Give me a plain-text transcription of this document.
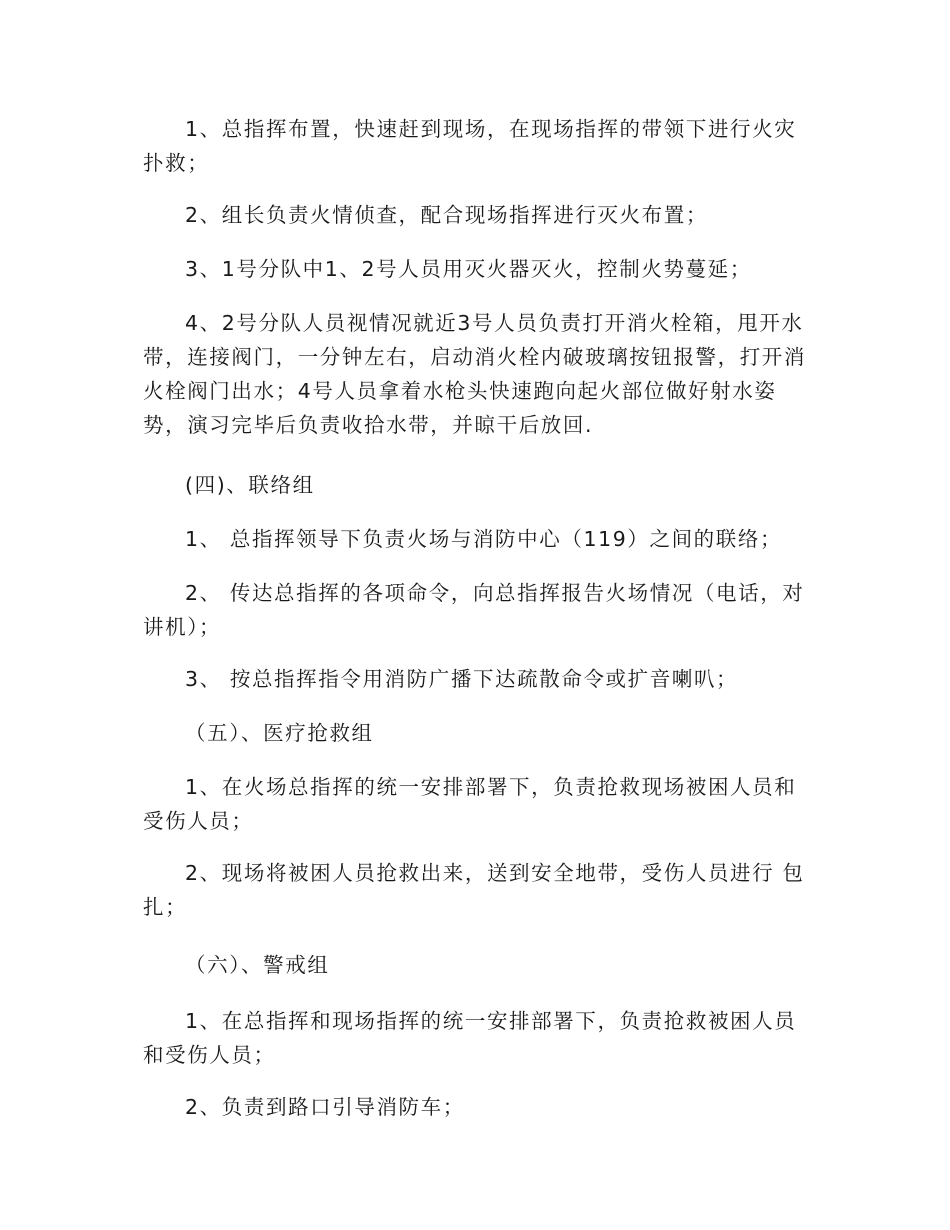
1、总指挥布置，快速赶到现场，在现场指挥的带领下进行火灾扑救；

2、组长负责火情侦查，配合现场指挥进行灭火布置；

3、1号分队中1、2号人员用灭火器灭火，控制火势蔓延；

4、2号分队人员视情况就近3号人员负责打开消火栓箱，甩开水带，连接阀门，一分钟左右，启动消火栓内破玻璃按钮报警，打开消火栓阀门出水；4号人员拿着水枪头快速跑向起火部位做好射水姿势，演习完毕后负责收拾水带，并晾干后放回.

(四)、联络组

1、 总指挥领导下负责火场与消防中心（119）之间的联络；

2、 传达总指挥的各项命令，向总指挥报告火场情况（电话，对讲机）；

3、 按总指挥指令用消防广播下达疏散命令或扩音喇叭；

（五）、医疗抢救组

1、在火场总指挥的统一安排部署下，负责抢救现场被困人员和受伤人员；

2、现场将被困人员抢救出来，送到安全地带，受伤人员进行 包扎；

（六）、警戒组

1、在总指挥和现场指挥的统一安排部署下，负责抢救被困人员和受伤人员；

2、负责到路口引导消防车；
